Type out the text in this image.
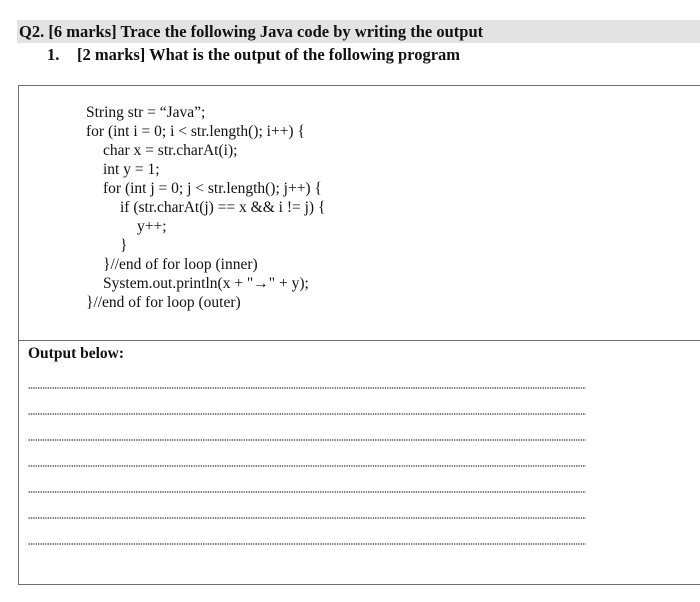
Q2. [6 marks] Trace the following Java code by writing the output
1. [2 marks] What is the output of the following program
String str = “Java”;
for (int i = 0; i < str.length(); i++) {
char x = str.charAt(i);
int y = 1;
for (int j = 0; j < str.length(); j++) {
if (str.charAt(j) == x && i != j) {
y++;
}
}//end of for loop (inner)
System.out.println(x + "→" + y);
}//end of for loop (outer)
Output below:
